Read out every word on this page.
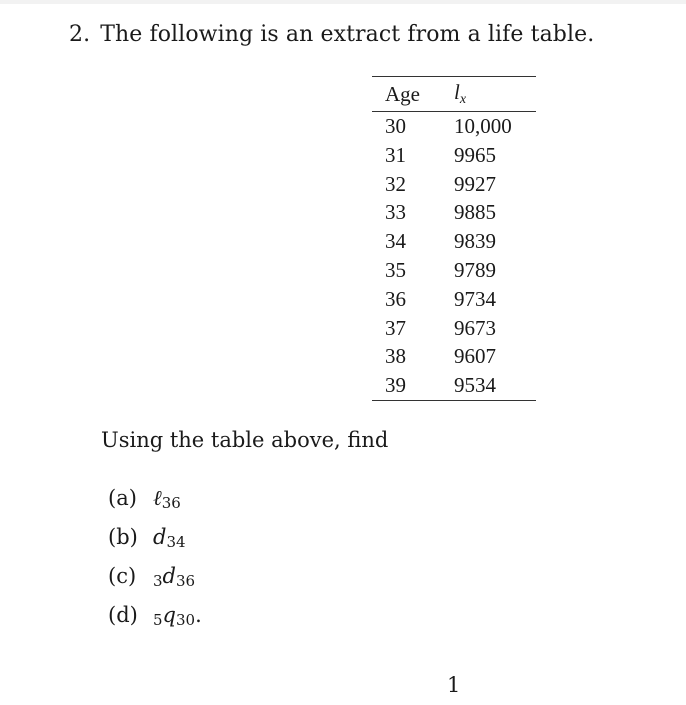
2. The following is an extract from a life table.
Age	lx
30	10,000
31	9965
32	9927
33	9885
34	9839
35	9789
36	9734
37	9673
38	9607
39	9534
Using the table above, find
(a) ℓ36
(b) d34
(c) 3d36
(d) 5q30.
1
